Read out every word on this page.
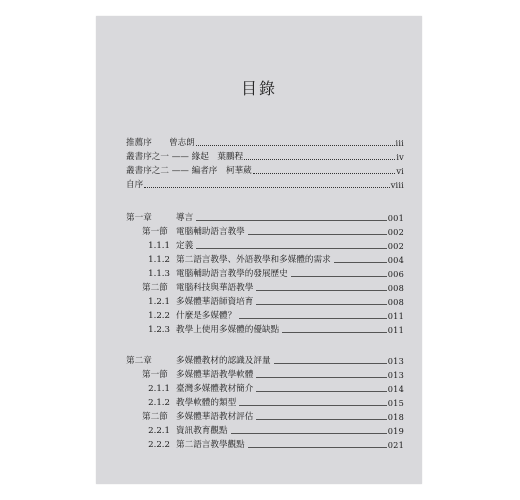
目錄
推薦序　　曾志朗	iii
叢書序之一 —— 緣起　葉鵬程	iv
叢書序之二 —— 編者序　柯華葳	vi
自序	viii
第一章	導言	001
第一節 電腦輔助語言教學	002
1.1.1 定義	002
1.1.2 第二語言教學、外語教學和多媒體的需求	004
1.1.3 電腦輔助語言教學的發展歷史	006
第二節 電腦科技與華語教學	008
1.2.1 多媒體華語師資培育	008
1.2.2 什麼是多媒體？	011
1.2.3 教學上使用多媒體的優缺點	011
第二章	多媒體教材的認識及評量	013
第一節 多媒體華語教學軟體	013
2.1.1 臺灣多媒體教材簡介	014
2.1.2 教學軟體的類型	015
第二節 多媒體華語教材評估	018
2.2.1 資訊教育觀點	019
2.2.2 第二語言教學觀點	021
